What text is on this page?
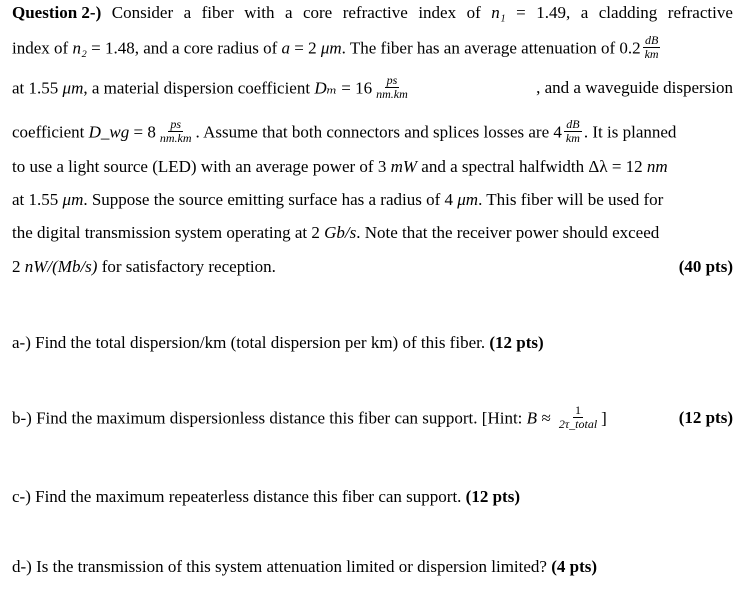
Question 2-) Consider a fiber with a core refractive index of n₁ = 1.49, a cladding refractive
index of n₂ = 1.48, and a core radius of a = 2 μm. The fiber has an average attenuation of $0.2 \frac{dB}{km}$
at 1.55 μm, a material dispersion coefficient $D_m = 16 \frac{ps}{nm.km}$	, and a waveguide dispersion
coefficient D_wg = $8 \frac{ps}{nm.km}$ . Assume that both connectors and splices losses are $4 \frac{dB}{km}$ . It is planned
to use a light source (LED) with an average power of 3 mW and a spectral halfwidth Δλ = 12 nm
at 1.55 μm. Suppose the source emitting surface has a radius of 4 μm. This fiber will be used for
the digital transmission system operating at 2 Gb/s. Note that the receiver power should exceed
2 nW/(Mb/s) for satisfactory reception.	(40 pts)
a-) Find the total dispersion/km (total dispersion per km) of this fiber. (12 pts)
b-) Find the maximum dispersionless distance this fiber can support. [Hint: $B \approx \frac{1}{\text{2τ\_total}}$ ]	(12 pts)
c-) Find the maximum repeaterless distance this fiber can support. (12 pts)
d-) Is the transmission of this system attenuation limited or dispersion limited? (4 pts)
